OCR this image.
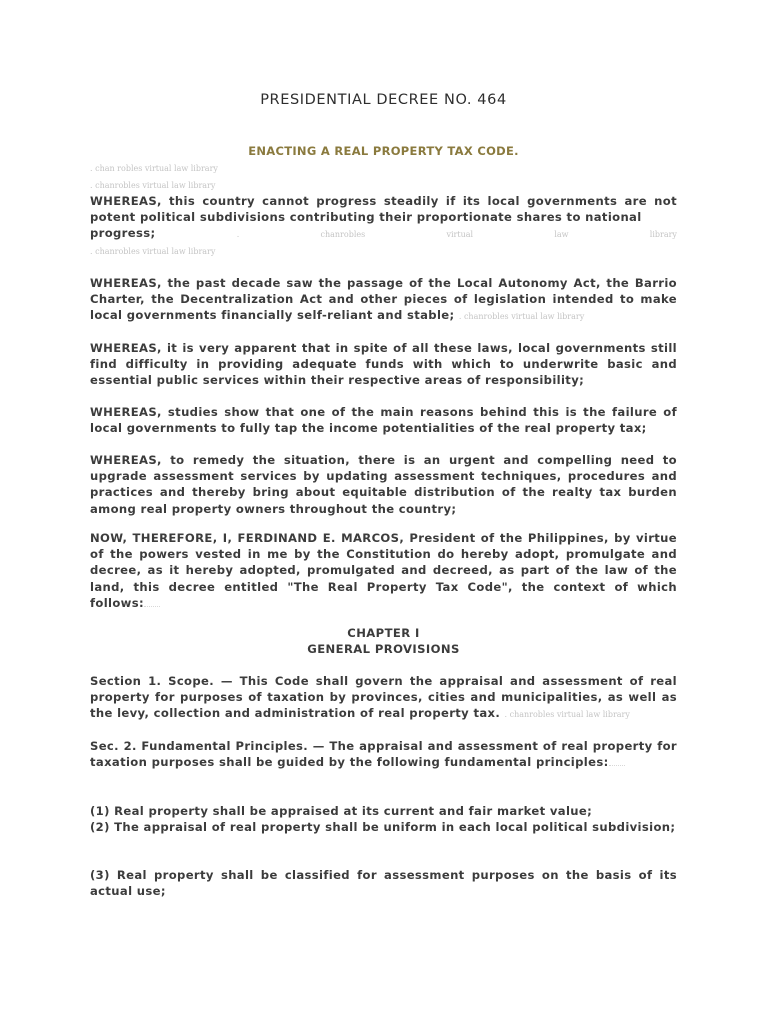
PRESIDENTIAL DECREE NO. 464
ENACTING A REAL PROPERTY TAX CODE.
. chan robles virtual law library
. chanrobles virtual law library
WHEREAS, this country cannot progress steadily if its local governments are not potent political subdivisions contributing their proportionate shares to national
progress;	.	chanrobles	virtual	law	library
. chanrobles virtual law library

WHEREAS, the past decade saw the passage of the Local Autonomy Act, the Barrio Charter, the Decentralization Act and other pieces of legislation intended to make local governments financially self-reliant and stable; . chanrobles virtual law library

WHEREAS, it is very apparent that in spite of all these laws, local governments still find difficulty in providing adequate funds with which to underwrite basic and essential public services within their respective areas of responsibility;

WHEREAS, studies show that one of the main reasons behind this is the failure of local governments to fully tap the income potentialities of the real property tax;

WHEREAS, to remedy the situation, there is an urgent and compelling need to upgrade assessment services by updating assessment techniques, procedures and practices and thereby bring about equitable distribution of the realty tax burden among real property owners throughout the country;

NOW, THEREFORE, I, FERDINAND E. MARCOS, President of the Philippines, by virtue of the powers vested in me by the Constitution do hereby adopt, promulgate and decree, as it hereby adopted, promulgated and decreed, as part of the law of the land, this decree entitled "The Real Property Tax Code", the context of which follows:

CHAPTER I
GENERAL PROVISIONS

Section 1. Scope. — This Code shall govern the appraisal and assessment of real property for purposes of taxation by provinces, cities and municipalities, as well as the levy, collection and administration of real property tax. . chanrobles virtual law library

Sec. 2. Fundamental Principles. — The appraisal and assessment of real property for taxation purposes shall be guided by the following fundamental principles:

(1) Real property shall be appraised at its current and fair market value;

(2) The appraisal of real property shall be uniform in each local political subdivision;

(3) Real property shall be classified for assessment purposes on the basis of its actual use;
